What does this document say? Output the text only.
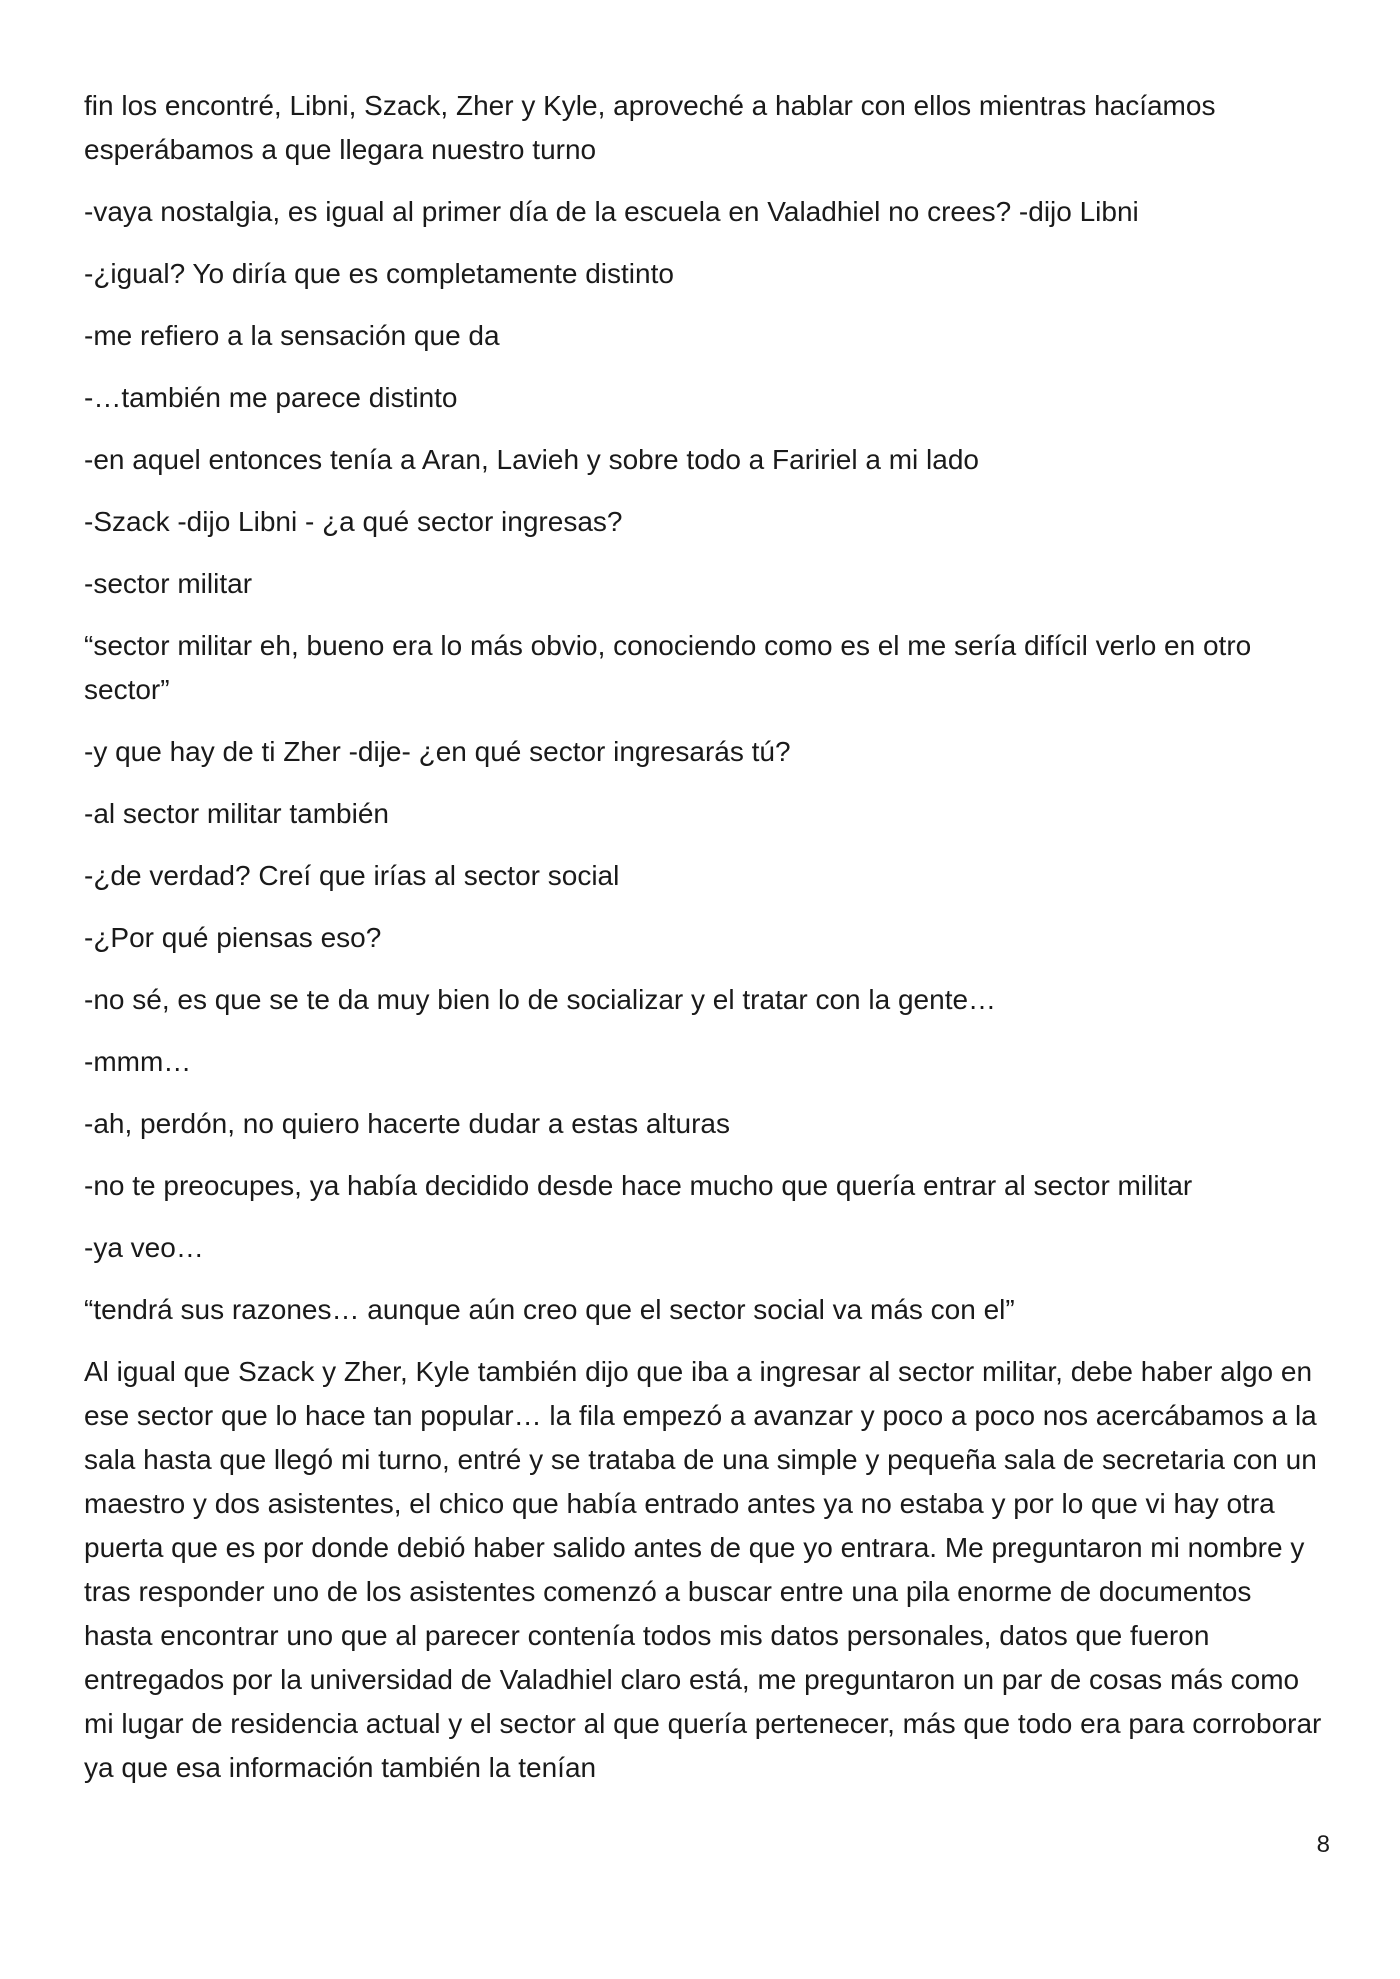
fin los encontré, Libni, Szack, Zher y Kyle, aproveché a hablar con ellos mientras hacíamos esperábamos a que llegara nuestro turno

-vaya nostalgia, es igual al primer día de la escuela en Valadhiel no crees? -dijo Libni

-¿igual? Yo diría que es completamente distinto

-me refiero a la sensación que da

-…también me parece distinto

-en aquel entonces tenía a Aran, Lavieh y sobre todo a Faririel a mi lado

-Szack -dijo Libni - ¿a qué sector ingresas?

-sector militar

“sector militar eh, bueno era lo más obvio, conociendo como es el me sería difícil verlo en otro sector”

-y que hay de ti Zher -dije- ¿en qué sector ingresarás tú?

-al sector militar también

-¿de verdad? Creí que irías al sector social

-¿Por qué piensas eso?

-no sé, es que se te da muy bien lo de socializar y el tratar con la gente…

-mmm…

-ah, perdón, no quiero hacerte dudar a estas alturas

-no te preocupes, ya había decidido desde hace mucho que quería entrar al sector militar

-ya veo…

“tendrá sus razones… aunque aún creo que el sector social va más con el”

Al igual que Szack y Zher, Kyle también dijo que iba a ingresar al sector militar, debe haber algo en ese sector que lo hace tan popular… la fila empezó a avanzar y poco a poco nos acercábamos a la sala hasta que llegó mi turno, entré y se trataba de una simple y pequeña sala de secretaria con un maestro y dos asistentes, el chico que había entrado antes ya no estaba y por lo que vi hay otra puerta que es por donde debió haber salido antes de que yo entrara. Me preguntaron mi nombre y tras responder uno de los asistentes comenzó a buscar entre una pila enorme de documentos hasta encontrar uno que al parecer contenía todos mis datos personales, datos que fueron entregados por la universidad de Valadhiel claro está, me preguntaron un par de cosas más como mi lugar de residencia actual y el sector al que quería pertenecer, más que todo era para corroborar ya que esa información también la tenían

8
